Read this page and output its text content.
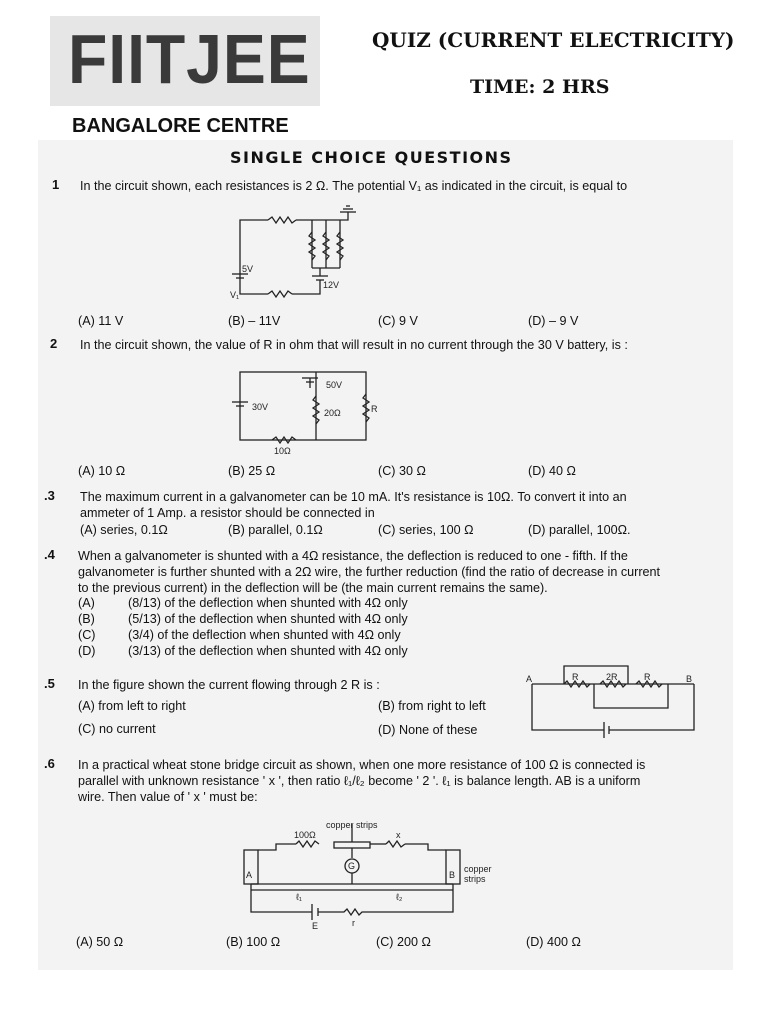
FIITJEE
BANGALORE CENTRE
QUIZ (CURRENT ELECTRICITY)
TIME: 2 HRS
SINGLE CHOICE QUESTIONS
1 In the circuit shown, each resistances is 2 Ω. The potential V₁ as indicated in the circuit, is equal to
5V
12V
V₁
(A) 11 V	(B) – 11V	(C) 9 V	(D) – 9 V
2 In the circuit shown, the value of R in ohm that will result in no current through the 30 V battery, is :
50V
30V
20Ω	R
10Ω
(A) 10 Ω	(B) 25 Ω	(C) 30 Ω	(D) 40 Ω
.3 The maximum current in a galvanometer can be 10 mA. It's resistance is 10Ω. To convert it into an
ammeter of 1 Amp. a resistor should be connected in
(A) series, 0.1Ω	(B) parallel, 0.1Ω	(C) series, 100 Ω	(D) parallel, 100Ω.
.4 When a galvanometer is shunted with a 4Ω resistance, the deflection is reduced to one - fifth. If the
galvanometer is further shunted with a 2Ω wire, the further reduction (find the ratio of decrease in current
to the previous current) in the deflection will be (the main current remains the same).
(A)	(8/13) of the deflection when shunted with 4Ω only
(B)	(5/13) of the deflection when shunted with 4Ω only
(C)	(3/4) of the deflection when shunted with 4Ω only
(D)	(3/13) of the deflection when shunted with 4Ω only
.5 In the figure shown the current flowing through 2 R is :
(A) from left to right	(B) from right to left
(C) no current	(D) None of these
A	R	2R	R	B
.6 In a practical wheat stone bridge circuit as shown, when one more resistance of 100 Ω is connected is
parallel with unknown resistance ' x ', then ratio ℓ₁/ℓ₂ become ' 2 '. ℓ₁ is balance length. AB is a uniform
wire. Then value of ' x ' must be:
copper strips
100Ω	x
G	copper
strips
A	B
ℓ₁	ℓ₂
E	r
(A) 50 Ω	(B) 100 Ω	(C) 200 Ω	(D) 400 Ω
